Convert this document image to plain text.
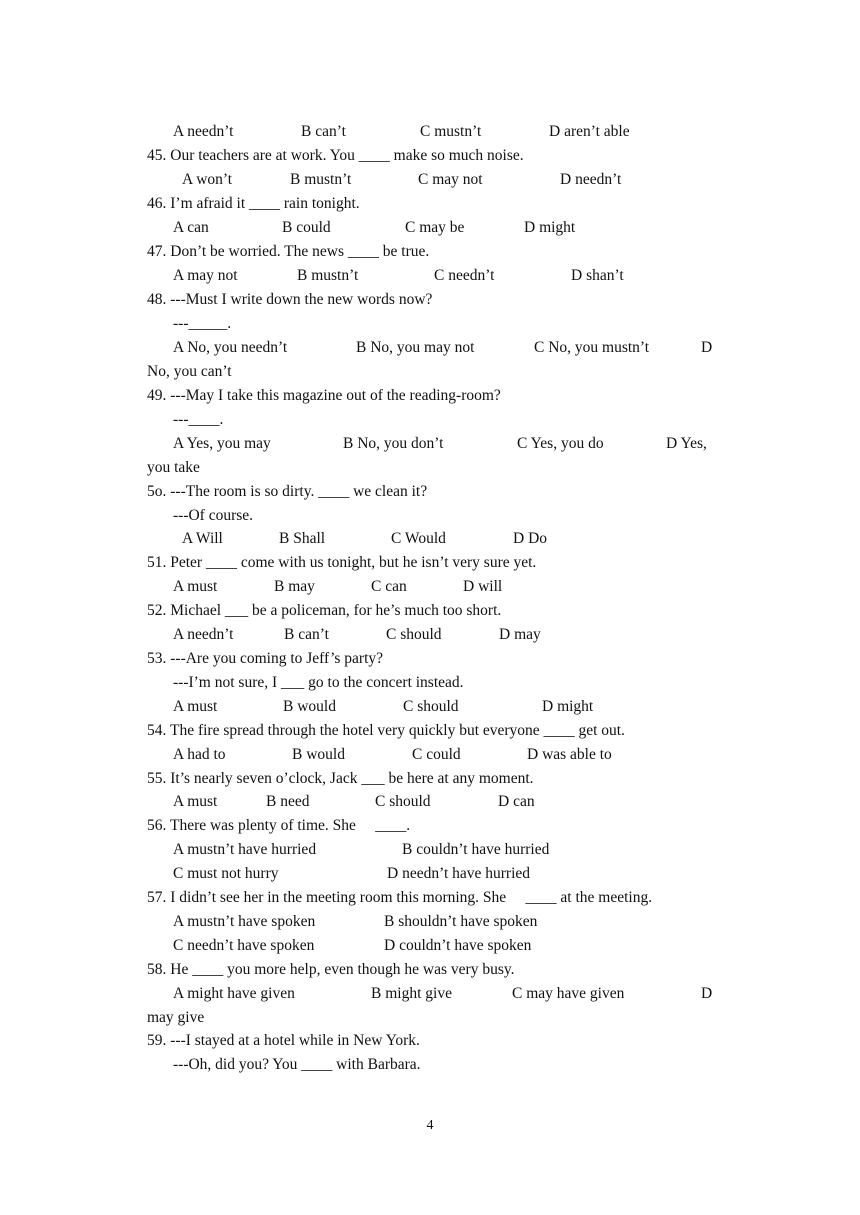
A needn’t	B can’t	C mustn’t	D aren’t able
45. Our teachers are at work. You ____ make so much noise.
A won’t	B mustn’t	C may not	D needn’t
46. I’m afraid it ____ rain tonight.
A can	B could	C may be	D might
47. Don’t be worried. The news ____ be true.
A may not	B mustn’t	C needn’t	D shan’t
48. ---Must I write down the new words now?
---_____.
A No, you needn’t	B No, you may not	C No, you mustn’t	D
No, you can’t
49. ---May I take this magazine out of the reading-room?
---____.
A Yes, you may	B No, you don’t	C Yes, you do	D Yes,
you take
5o. ---The room is so dirty. ____ we clean it?
---Of course.
A Will	B Shall	C Would	D Do
51. Peter ____ come with us tonight, but he isn’t very sure yet.
A must	B may	C can	D will
52. Michael ___ be a policeman, for he’s much too short.
A needn’t	B can’t	C should	D may
53. ---Are you coming to Jeff’s party?
---I’m not sure, I ___ go to the concert instead.
A must	B would	C should	D might
54. The fire spread through the hotel very quickly but everyone ____ get out.
A had to	B would	C could	D was able to
55. It’s nearly seven o’clock, Jack ___ be here at any moment.
A must	B need	C should	D can
56. There was plenty of time. She     ____.
A mustn’t have hurried	B couldn’t have hurried
C must not hurry	D needn’t have hurried
57. I didn’t see her in the meeting room this morning. She     ____ at the meeting.
A mustn’t have spoken	B shouldn’t have spoken
C needn’t have spoken	D couldn’t have spoken
58. He ____ you more help, even though he was very busy.
A might have given	B might give	C may have given	D
may give
59. ---I stayed at a hotel while in New York.
---Oh, did you? You ____ with Barbara.
4
